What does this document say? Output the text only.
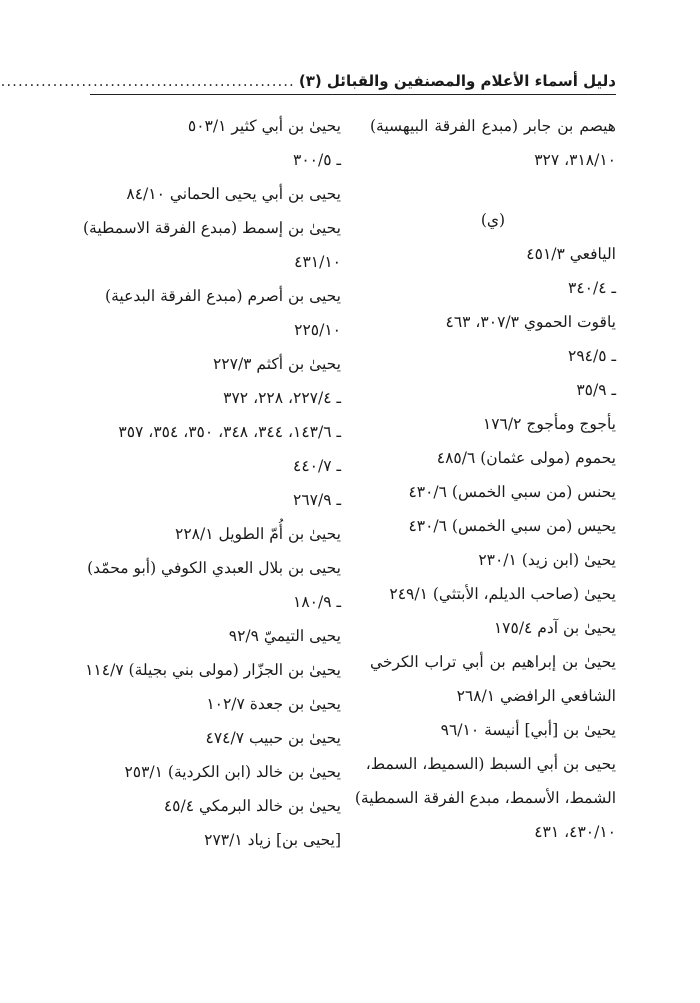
دليل أسماء الأعلام والمصنفين والقبائل (٣)
.....
هيصم بن جابر (مبدع الفرقة البيهسية)
٣١٨/١٠، ٣٢٧
(ي)
اليافعي ٤٥١/٣
ـ ٣٤٠/٤
ياقوت الحموي ٣٠٧/٣، ٤٦٣
ـ ٢٩٤/٥
ـ ٣٥/٩
يأجوج ومأجوج ١٧٦/٢
يحموم (مولى عثمان) ٤٨٥/٦
يحنس (من سبي الخمس) ٤٣٠/٦
يحيس (من سبي الخمس) ٤٣٠/٦
يحيىٰ (ابن زيد) ٢٣٠/١
يحيىٰ (صاحب الديلم، الأبتثي) ٢٤٩/١
يحيىٰ بن آدم ١٧٥/٤
يحيىٰ بن إبراهيم بن أبي تراب الكرخي
الشافعي الرافضي ٢٦٨/١
يحيىٰ بن [أبي] أنيسة ٩٦/١٠
يحيى بن أبي السبط (السميط، السمط،
الشمط، الأسمط، مبدع الفرقة السمطية)
٤٣٠/١٠، ٤٣١
يحيىٰ بن أبي كثير ٥٠٣/١
ـ ٣٠٠/٥
يحيى بن أبي يحيى الحماني ٨٤/١٠
يحيىٰ بن إسمط (مبدع الفرقة الاسمطية)
٤٣١/١٠
يحيى بن أصرم (مبدع الفرقة البدعية)
٢٢٥/١٠
يحيىٰ بن أكثم ٢٢٧/٣
ـ ٢٢٧/٤، ٢٢٨، ٣٧٢
ـ ١٤٣/٦، ٣٤٤، ٣٤٨، ٣٥٠، ٣٥٤، ٣٥٧
ـ ٤٤٠/٧
ـ ٢٦٧/٩
يحيىٰ بن أُمّ الطويل ٢٢٨/١
يحيى بن بلال العبدي الكوفي (أبو محمّد)
ـ ١٨٠/٩
يحيى التيميّ ٩٢/٩
يحيىٰ بن الجزّار (مولى بني بجيلة) ١١٤/٧
يحيىٰ بن جعدة ١٠٢/٧
يحيىٰ بن حبيب ٤٧٤/٧
يحيىٰ بن خالد (ابن الكردية) ٢٥٣/١
يحيىٰ بن خالد البرمكي ٤٥/٤
[يحيى بن] زياد ٢٧٣/١
